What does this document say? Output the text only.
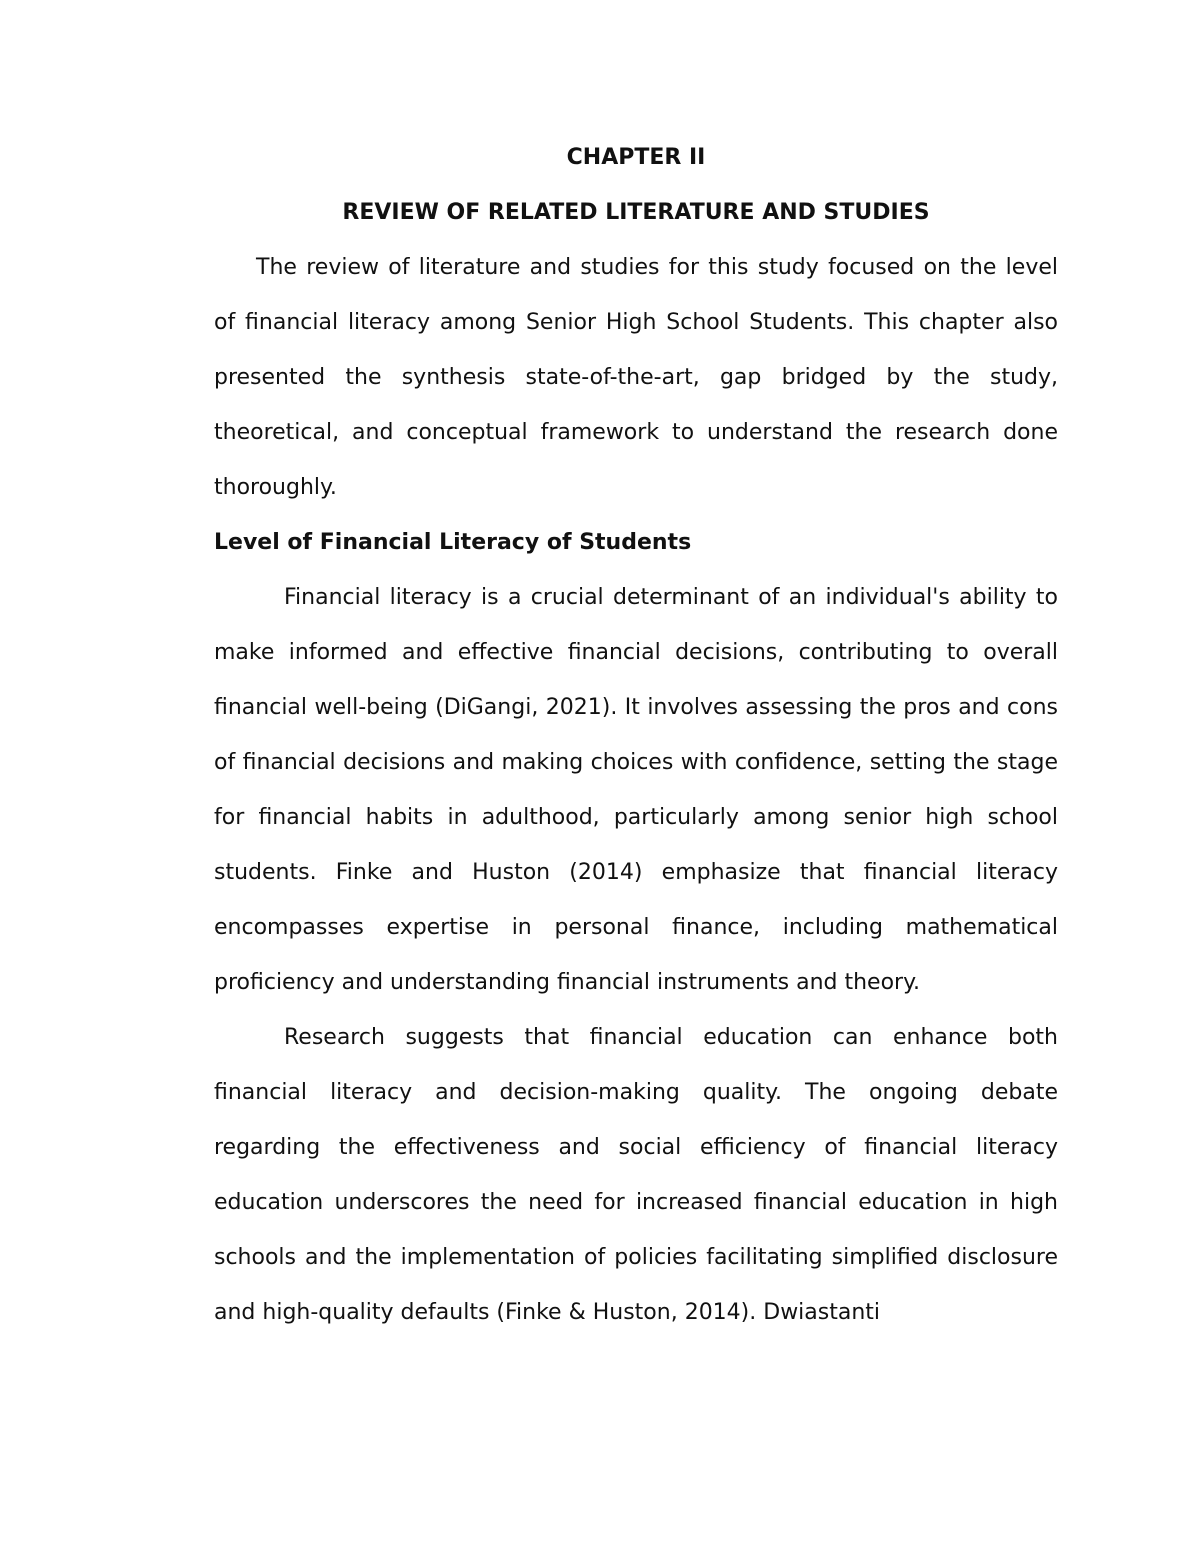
CHAPTER II

REVIEW OF RELATED LITERATURE AND STUDIES

The review of literature and studies for this study focused on the level of financial literacy among Senior High School Students. This chapter also presented the synthesis state-of-the-art, gap bridged by the study, theoretical, and conceptual framework to understand the research done thoroughly.

Level of Financial Literacy of Students

Financial literacy is a crucial determinant of an individual's ability to make informed and effective financial decisions, contributing to overall financial well-being (DiGangi, 2021). It involves assessing the pros and cons of financial decisions and making choices with confidence, setting the stage for financial habits in adulthood, particularly among senior high school students. Finke and Huston (2014) emphasize that financial literacy encompasses expertise in personal finance, including mathematical proficiency and understanding financial instruments and theory.

Research suggests that financial education can enhance both financial literacy and decision-making quality. The ongoing debate regarding the effectiveness and social efficiency of financial literacy education underscores the need for increased financial education in high schools and the implementation of policies facilitating simplified disclosure and high-quality defaults (Finke & Huston, 2014). Dwiastanti
